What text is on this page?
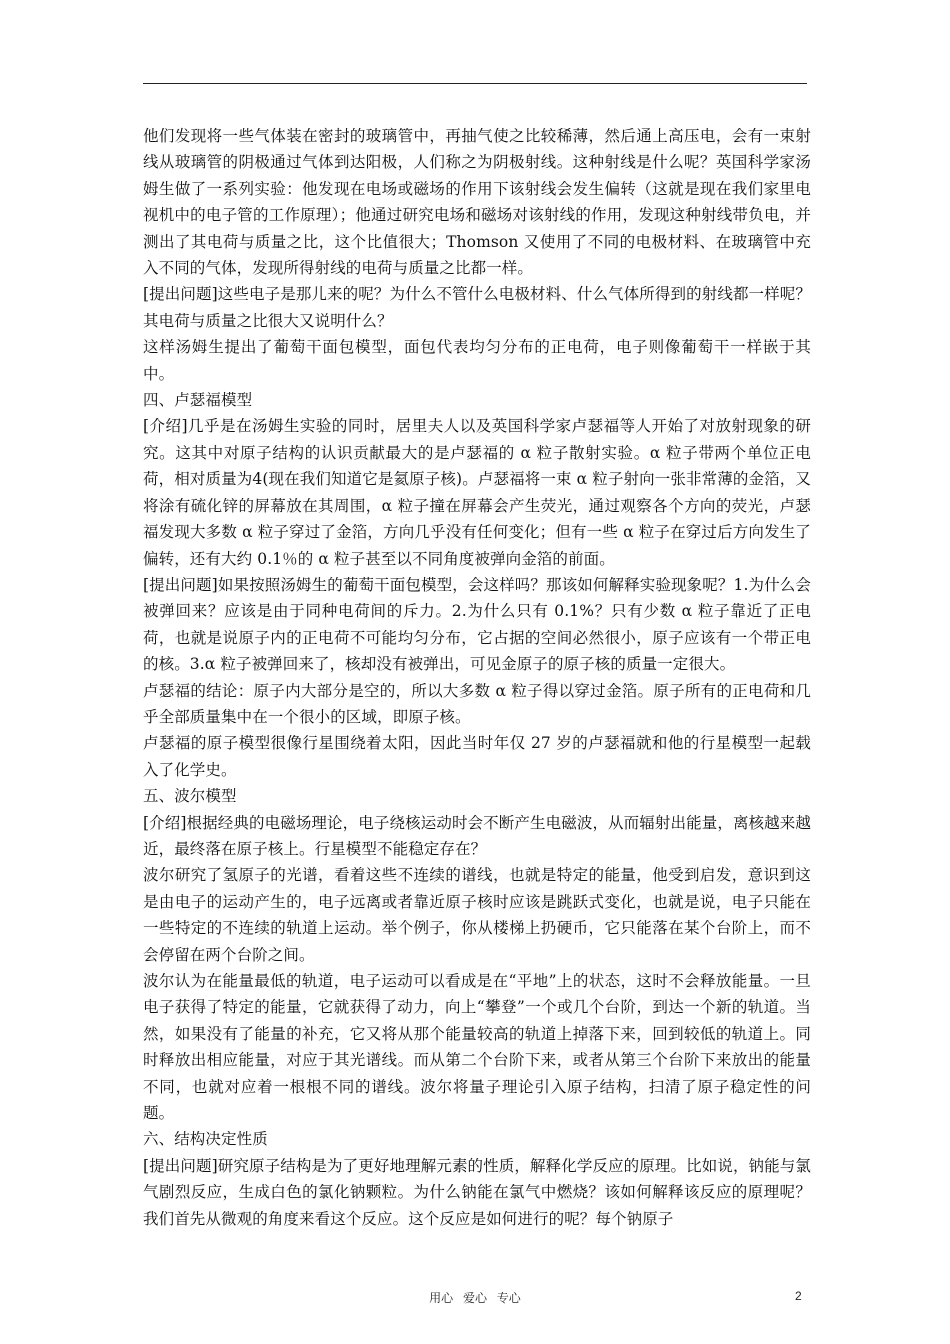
他们发现将一些气体装在密封的玻璃管中，再抽气使之比较稀薄，然后通上高压电，会有一束射线从玻璃管的阴极通过气体到达阳极，人们称之为阴极射线。这种射线是什么呢？英国科学家汤姆生做了一系列实验：他发现在电场或磁场的作用下该射线会发生偏转（这就是现在我们家里电视机中的电子管的工作原理）；他通过研究电场和磁场对该射线的作用，发现这种射线带负电，并测出了其电荷与质量之比，这个比值很大；Thomson 又使用了不同的电极材料、在玻璃管中充入不同的气体，发现所得射线的电荷与质量之比都一样。

[提出问题]这些电子是那儿来的呢？为什么不管什么电极材料、什么气体所得到的射线都一样呢？其电荷与质量之比很大又说明什么？

这样汤姆生提出了葡萄干面包模型，面包代表均匀分布的正电荷，电子则像葡萄干一样嵌于其中。

四、卢瑟福模型

[介绍]几乎是在汤姆生实验的同时，居里夫人以及英国科学家卢瑟福等人开始了对放射现象的研究。这其中对原子结构的认识贡献最大的是卢瑟福的 α 粒子散射实验。α 粒子带两个单位正电荷，相对质量为4(现在我们知道它是氦原子核)。卢瑟福将一束 α 粒子射向一张非常薄的金箔，又将涂有硫化锌的屏幕放在其周围，α 粒子撞在屏幕会产生荧光，通过观察各个方向的荧光，卢瑟福发现大多数 α 粒子穿过了金箔，方向几乎没有任何变化；但有一些 α 粒子在穿过后方向发生了偏转，还有大约 0.1％的 α 粒子甚至以不同角度被弹向金箔的前面。

[提出问题]如果按照汤姆生的葡萄干面包模型，会这样吗？那该如何解释实验现象呢？1.为什么会被弹回来？应该是由于同种电荷间的斥力。2.为什么只有 0.1%？只有少数 α 粒子靠近了正电荷，也就是说原子内的正电荷不可能均匀分布，它占据的空间必然很小，原子应该有一个带正电的核。3.α 粒子被弹回来了，核却没有被弹出，可见金原子的原子核的质量一定很大。

卢瑟福的结论：原子内大部分是空的，所以大多数 α 粒子得以穿过金箔。原子所有的正电荷和几乎全部质量集中在一个很小的区域，即原子核。

卢瑟福的原子模型很像行星围绕着太阳，因此当时年仅 27 岁的卢瑟福就和他的行星模型一起载入了化学史。

五、波尔模型

[介绍]根据经典的电磁场理论，电子绕核运动时会不断产生电磁波，从而辐射出能量，离核越来越近，最终落在原子核上。行星模型不能稳定存在？

波尔研究了氢原子的光谱，看着这些不连续的谱线，也就是特定的能量，他受到启发，意识到这是由电子的运动产生的，电子远离或者靠近原子核时应该是跳跃式变化，也就是说，电子只能在一些特定的不连续的轨道上运动。举个例子，你从楼梯上扔硬币，它只能落在某个台阶上，而不会停留在两个台阶之间。

波尔认为在能量最低的轨道，电子运动可以看成是在“平地”上的状态，这时不会释放能量。一旦电子获得了特定的能量，它就获得了动力，向上“攀登”一个或几个台阶，到达一个新的轨道。当然，如果没有了能量的补充，它又将从那个能量较高的轨道上掉落下来，回到较低的轨道上。同时释放出相应能量，对应于其光谱线。而从第二个台阶下来，或者从第三个台阶下来放出的能量不同，也就对应着一根根不同的谱线。波尔将量子理论引入原子结构，扫清了原子稳定性的问题。

六、结构决定性质

[提出问题]研究原子结构是为了更好地理解元素的性质，解释化学反应的原理。比如说，钠能与氯气剧烈反应，生成白色的氯化钠颗粒。为什么钠能在氯气中燃烧？该如何解释该反应的原理呢？我们首先从微观的角度来看这个反应。这个反应是如何进行的呢？每个钠原子

用心 爱心 专心	2
